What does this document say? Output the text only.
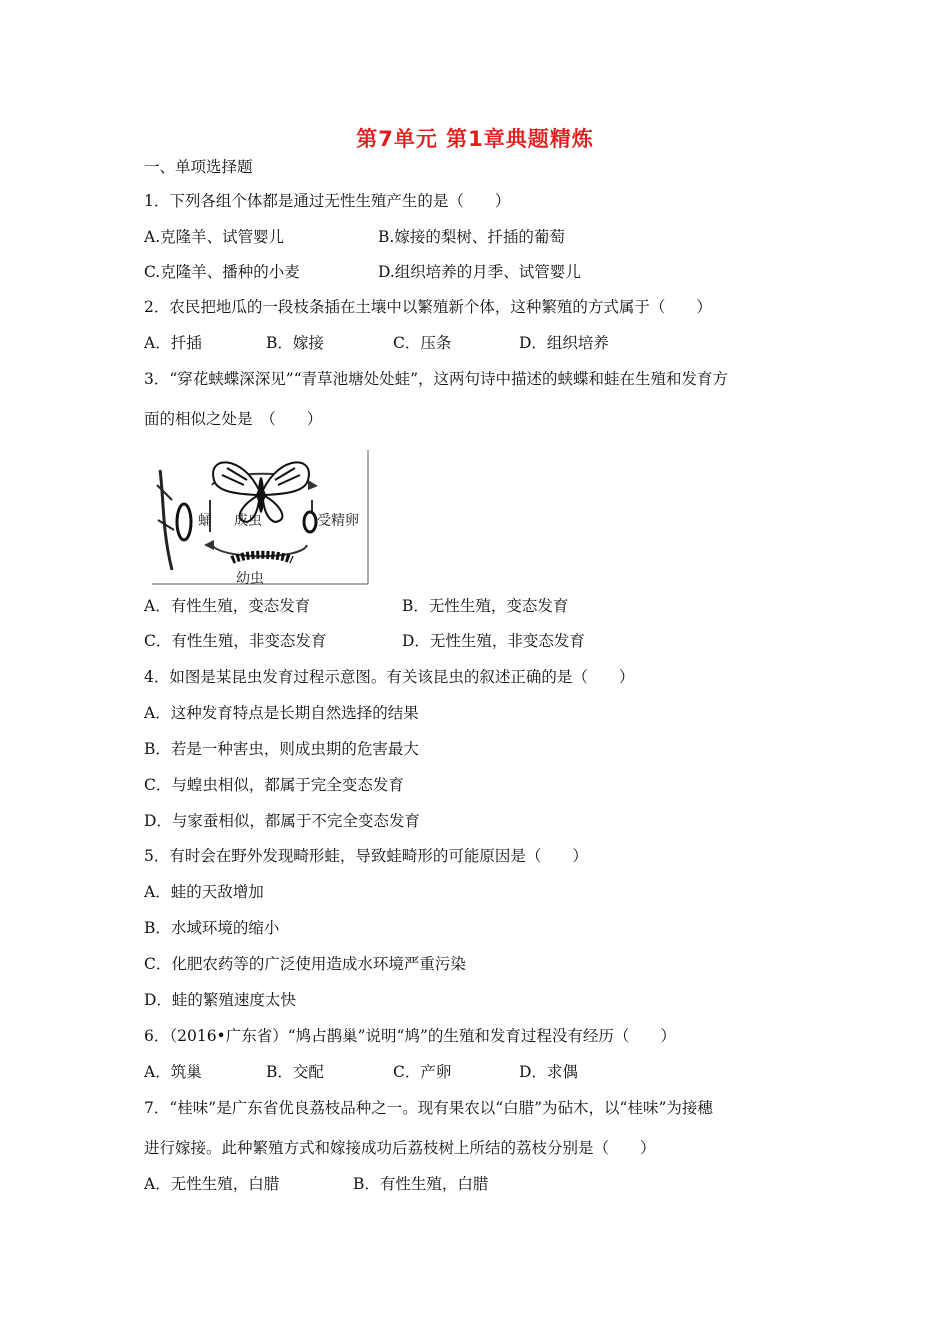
第7单元 第1章典题精炼
一、单项选择题
1．下列各组个体都是通过无性生殖产生的是（　　）
A.克隆羊、试管婴儿	B.嫁接的梨树、扦插的葡萄
C.克隆羊、播种的小麦	D.组织培养的月季、试管婴儿
2．农民把地瓜的一段枝条插在土壤中以繁殖新个体，这种繁殖的方式属于（　　）
A．扦插	B．嫁接	C．压条	D．组织培养
3．“穿花蛱蝶深深见”“青草池塘处处蛙”，这两句诗中描述的蛱蝶和蛙在生殖和发育方
面的相似之处是　（　　）
蛹 成虫	受精卵
幼虫
A．有性生殖，变态发育	B．无性生殖，变态发育
C．有性生殖，非变态发育	D．无性生殖，非变态发育
4．如图是某昆虫发育过程示意图。有关该昆虫的叙述正确的是（　　）
A．这种发育特点是长期自然选择的结果
B．若是一种害虫，则成虫期的危害最大
C．与蝗虫相似，都属于完全变态发育
D．与家蚕相似，都属于不完全变态发育
5．有时会在野外发现畸形蛙，导致蛙畸形的可能原因是（　　）
A．蛙的天敌增加
B．水域环境的缩小
C．化肥农药等的广泛使用造成水环境严重污染
D．蛙的繁殖速度太快
6．（2016•广东省）“鸠占鹊巢”说明“鸠”的生殖和发育过程没有经历（　　）
A．筑巢	B．交配	C．产卵	D．求偶
7．“桂味”是广东省优良荔枝品种之一。现有果农以“白腊”为砧木，以“桂味”为接穗
进行嫁接。此种繁殖方式和嫁接成功后荔枝树上所结的荔枝分别是（　　）
A．无性生殖，白腊	B．有性生殖，白腊
